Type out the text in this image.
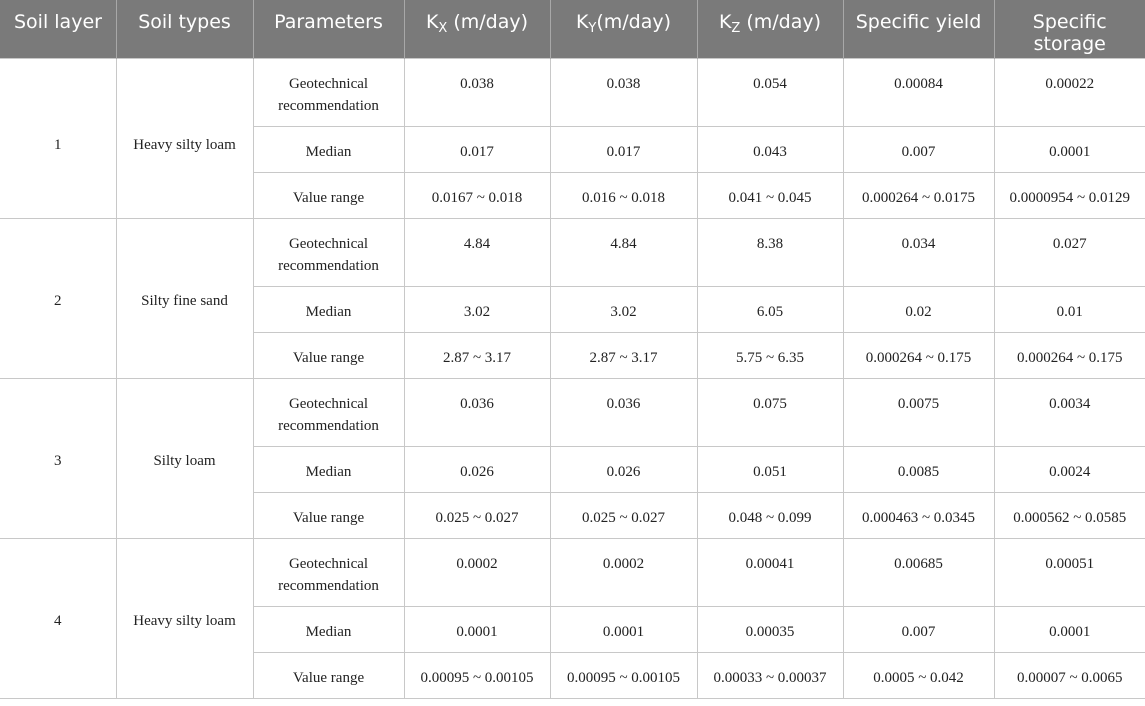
Soil layer	Soil types	Parameters	$K_X$ (m/day)	$K_Y(m/day)$	$K_Z$ (m/day)	Specific yield	Specific storage
1	Heavy silty loam	Geotechnical recommendation	0.038	0.038	0.054	0.00084	0.00022
		Median	0.017	0.017	0.043	0.007	0.0001
		Value range	0.0167 ~ 0.018	0.016 ~ 0.018	0.041 ~ 0.045	0.000264 ~ 0.0175	0.0000954 ~ 0.0129
2	Silty fine sand	Geotechnical recommendation	4.84	4.84	8.38	0.034	0.027
		Median	3.02	3.02	6.05	0.02	0.01
		Value range	2.87 ~ 3.17	2.87 ~ 3.17	5.75 ~ 6.35	0.000264 ~ 0.175	0.000264 ~ 0.175
3	Silty loam	Geotechnical recommendation	0.036	0.036	0.075	0.0075	0.0034
		Median	0.026	0.026	0.051	0.0085	0.0024
		Value range	0.025 ~ 0.027	0.025 ~ 0.027	0.048 ~ 0.099	0.000463 ~ 0.0345	0.000562 ~ 0.0585
4	Heavy silty loam	Geotechnical recommendation	0.0002	0.0002	0.00041	0.00685	0.00051
		Median	0.0001	0.0001	0.00035	0.007	0.0001
		Value range	0.00095 ~ 0.00105	0.00095 ~ 0.00105	0.00033 ~ 0.00037	0.0005 ~ 0.042	0.00007 ~ 0.0065
